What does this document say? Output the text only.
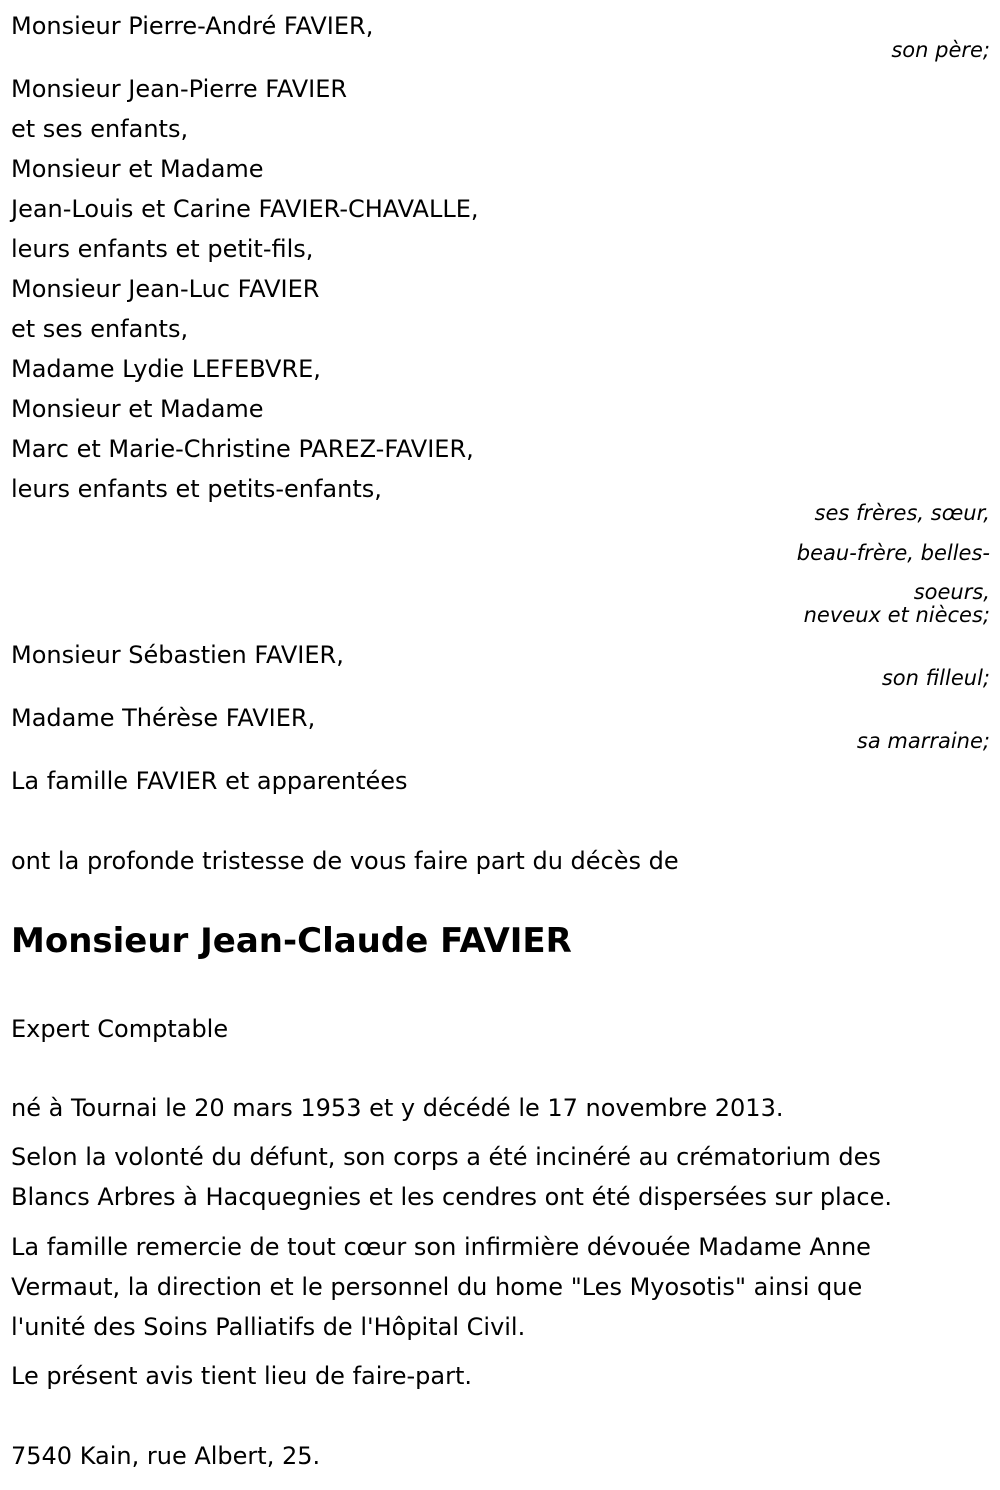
Monsieur Pierre-André FAVIER,

son père;

Monsieur Jean-Pierre FAVIER

et ses enfants,

Monsieur et Madame

Jean-Louis et Carine FAVIER-CHAVALLE,

leurs enfants et petit-fils,

Monsieur Jean-Luc FAVIER

et ses enfants,

Madame Lydie LEFEBVRE,

Monsieur et Madame

Marc et Marie-Christine PAREZ-FAVIER,

leurs enfants et petits-enfants,

ses frères, sœur,

beau-frère, belles-

soeurs,

neveux et nièces;

Monsieur Sébastien FAVIER,

son filleul;

Madame Thérèse FAVIER,

sa marraine;

La famille FAVIER et apparentées

ont la profonde tristesse de vous faire part du décès de

Monsieur Jean-Claude FAVIER

Expert Comptable

né à Tournai le 20 mars 1953 et y décédé le 17 novembre 2013.

Selon la volonté du défunt, son corps a été incinéré au crématorium des

Blancs Arbres à Hacquegnies et les cendres ont été dispersées sur place.

La famille remercie de tout cœur son infirmière dévouée Madame Anne

Vermaut, la direction et le personnel du home "Les Myosotis" ainsi que

l'unité des Soins Palliatifs de l'Hôpital Civil.

Le présent avis tient lieu de faire-part.

7540 Kain, rue Albert, 25.
